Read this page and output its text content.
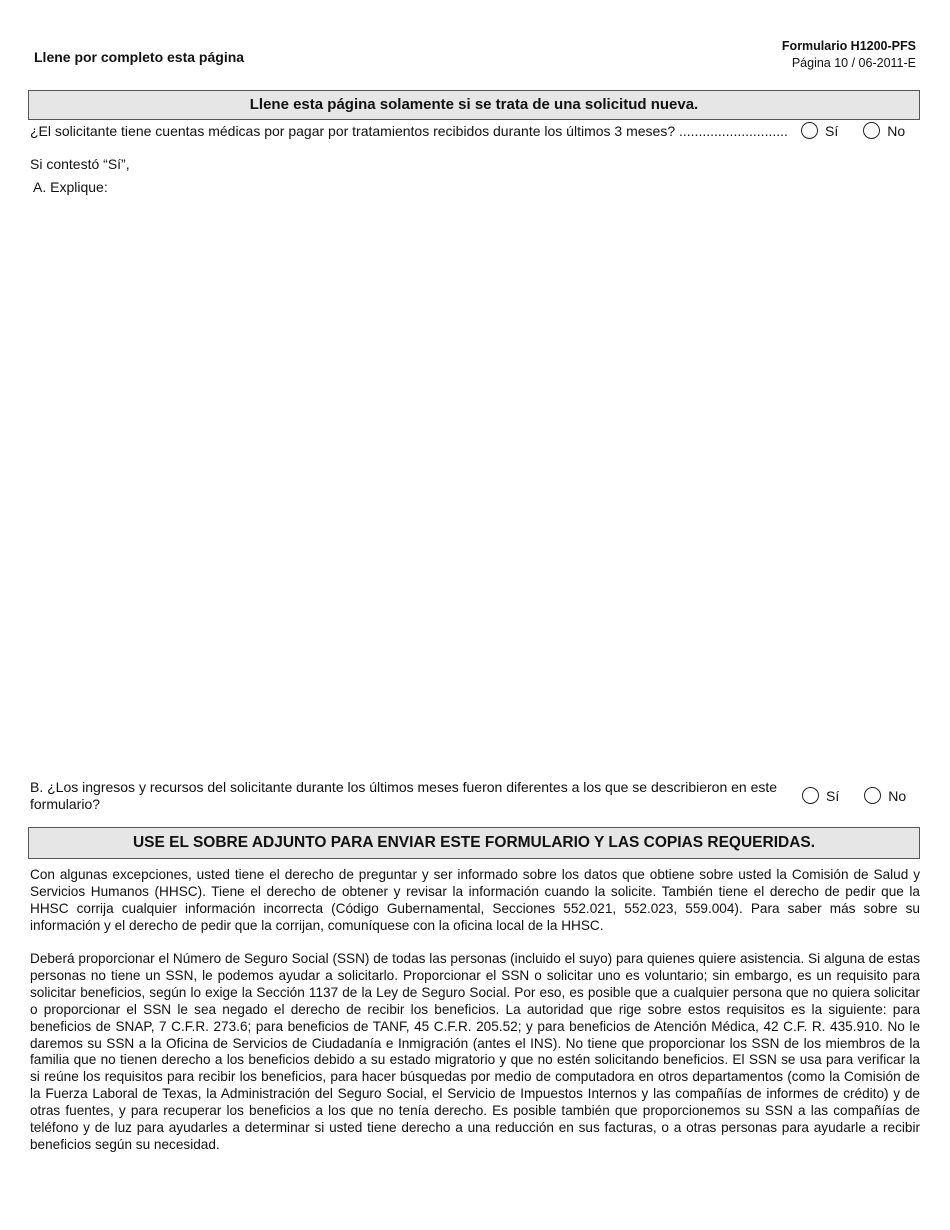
Llene por completo esta página
Formulario H1200-PFS
Página 10 / 06-2011-E
Llene esta página solamente si se trata de una solicitud nueva.
¿El solicitante tiene cuentas médicas por pagar por tratamientos recibidos durante los últimos 3 meses? ............................	Sí	No
Si contestó “Sí”,
A. Explique:
B. ¿Los ingresos y recursos del solicitante durante los últimos meses fueron diferentes a los que se describieron en este formulario?
Sí	No
USE EL SOBRE ADJUNTO PARA ENVIAR ESTE FORMULARIO Y LAS COPIAS REQUERIDAS.

Con algunas excepciones, usted tiene el derecho de preguntar y ser informado sobre los datos que obtiene sobre usted la Comisión de Salud y Servicios Humanos (HHSC). Tiene el derecho de obtener y revisar la información cuando la solicite. También tiene el derecho de pedir que la HHSC corrija cualquier información incorrecta (Código Gubernamental, Secciones 552.021, 552.023, 559.004). Para saber más sobre su información y el derecho de pedir que la corrijan, comuníquese con la oficina local de la HHSC.

Deberá proporcionar el Número de Seguro Social (SSN) de todas las personas (incluido el suyo) para quienes quiere asistencia. Si alguna de estas personas no tiene un SSN, le podemos ayudar a solicitarlo. Proporcionar el SSN o solicitar uno es voluntario; sin embargo, es un requisito para solicitar beneficios, según lo exige la Sección 1137 de la Ley de Seguro Social. Por eso, es posible que a cualquier persona que no quiera solicitar o proporcionar el SSN le sea negado el derecho de recibir los beneficios. La autoridad que rige sobre estos requisitos es la siguiente: para beneficios de SNAP, 7 C.F.R. 273.6; para beneficios de TANF, 45 C.F.R. 205.52; y para beneficios de Atención Médica, 42 C.F. R. 435.910. No le daremos su SSN a la Oficina de Servicios de Ciudadanía e Inmigración (antes el INS). No tiene que proporcionar los SSN de los miembros de la familia que no tienen derecho a los beneficios debido a su estado migratorio y que no estén solicitando beneficios. El SSN se usa para verificar la si reúne los requisitos para recibir los beneficios, para hacer búsquedas por medio de computadora en otros departamentos (como la Comisión de la Fuerza Laboral de Texas, la Administración del Seguro Social, el Servicio de Impuestos Internos y las compañías de informes de crédito) y de otras fuentes, y para recuperar los beneficios a los que no tenía derecho. Es posible también que proporcionemos su SSN a las compañías de teléfono y de luz para ayudarles a determinar si usted tiene derecho a una reducción en sus facturas, o a otras personas para ayudarle a recibir beneficios según su necesidad.
